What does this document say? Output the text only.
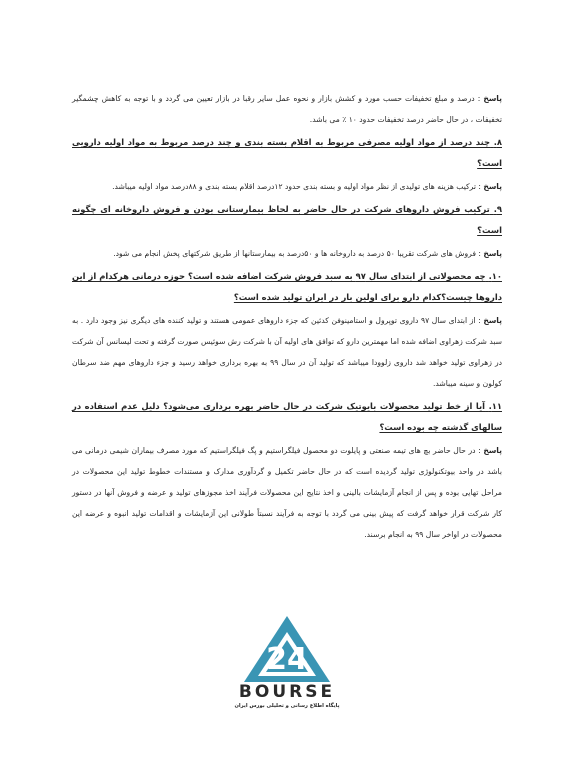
پاسخ : درصد و مبلغ تخفیفات حسب مورد و کشش بازار و نحوه عمل سایر رقبا در بازار تعیین می گردد و با توجه به کاهش چشمگیر تخفیفات ، در حال حاضر درصد تخفیفات حدود ۱۰ ٪ می باشد.

۸. چند درصد از مواد اولیه مصرفی مربوط به اقلام بسته بندی و چند درصد مربوط به مواد اولیه دارویی است؟

پاسخ : ترکیب هزینه های تولیدی از نظر مواد اولیه و بسته بندی حدود ۱۲درصد اقلام بسته بندی و ۸۸درصد مواد اولیه میباشد.

۹. ترکیب فروش داروهای شرکت در حال حاضر به لحاظ بیمارستانی بودن و فروش داروخانه ای چگونه است؟

پاسخ : فروش های شرکت تقریبا ۵۰ درصد به داروخانه ها و ۵۰درصد به بیمارستانها از طریق شرکتهای پخش انجام می شود.

۱۰. چه محصولاتی از ابتدای سال ۹۷ به سبد فروش شرکت اضافه شده است؟ حوزه درمانی هرکدام از این داروها چیست؟کدام دارو برای اولین بار در ایران تولید شده است؟

پاسخ : از ابتدای سال ۹۷ داروی توپرول و استامینوفن کدئین که جزء داروهای عمومی هستند و تولید کننده های دیگری نیز وجود دارد . به سبد شرکت زهراوی اضافه شده اما مهمترین دارو که توافق های اولیه آن با شرکت رش سوئیس صورت گرفته و تحت لیسانس آن شرکت در زهراوی تولید خواهد شد داروی زلوودا میباشد که تولید آن در سال ۹۹ به بهره برداری خواهد رسید و جزء داروهای مهم ضد سرطان کولون و سینه میباشد.

۱۱. آیا از خط تولید محصولات بایوتیک شرکت در حال حاضر بهره برداری می‌شود؟ دلیل عدم استفاده در سالهای گذشته چه بوده است؟

پاسخ : در حال حاضر بچ های تیمه صنعتی و پایلوت دو محصول فیلگراستیم و پگ فیلگراستیم که مورد مصرف بیماران شیمی درمانی می باشد در واحد بیوتکنولوژی تولید گردیده است که در حال حاضر تکمیل و گردآوری مدارک و مستندات خطوط تولید این محصولات در مراحل تهایی بوده و پس از انجام آزمایشات بالینی و اخذ نتایج این محصولات فرآیند اخذ مجوزهای تولید و عرضه و فروش آنها در دستور کار شرکت قرار خواهد گرفت که پیش بینی می گردد با توجه به فرآیند نسبتاً طولانی این آزمایشات و اقدامات تولید انبوه و عرضه این محصولات در اواخر سال ۹۹ به انجام برسند.

24
BOURSE
پایگاه اطلاع رسانی و تحلیلی بورس ایران
